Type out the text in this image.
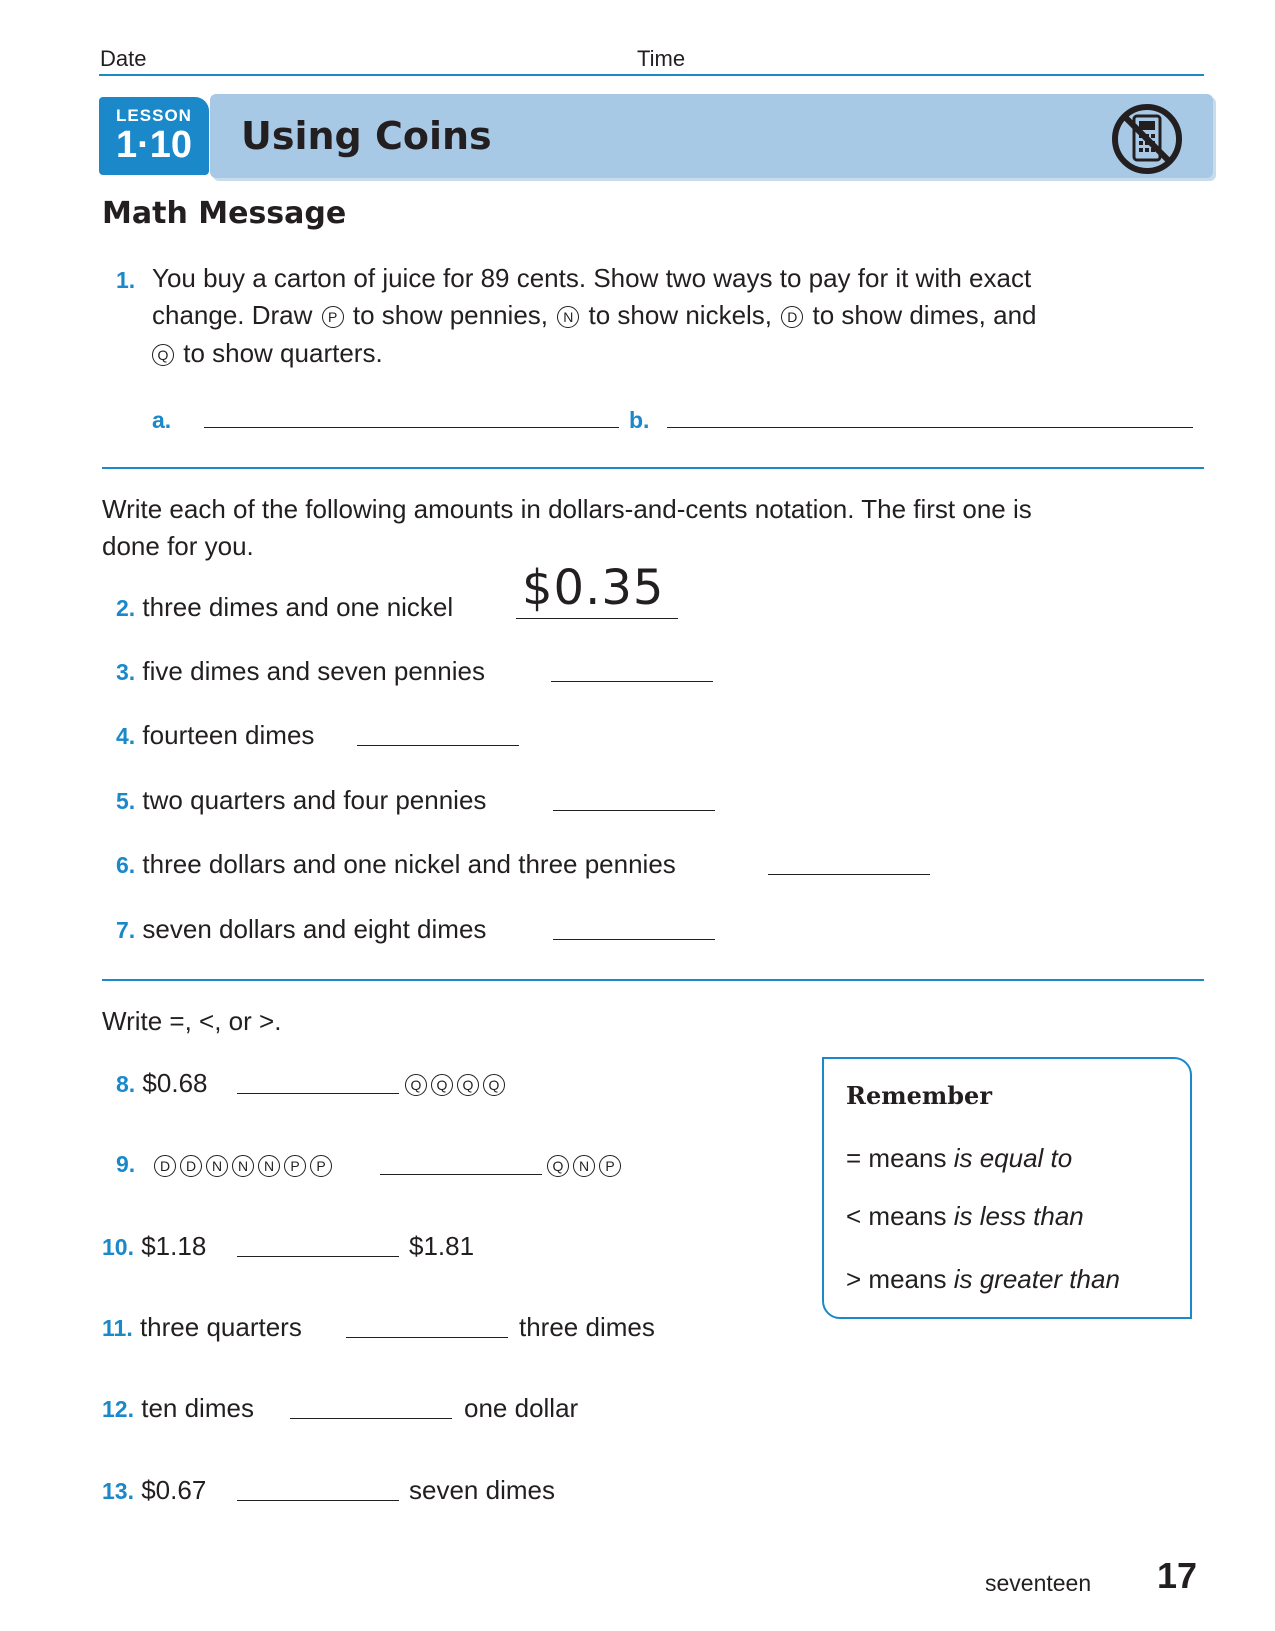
Date	Time
LESSON
1·10	Using Coins
Math Message
1. You buy a carton of juice for 89 cents. Show two ways to pay for it with exact
change. Draw P to show pennies, N to show nickels, D to show dimes, and
Q to show quarters.
a.	b.
Write each of the following amounts in dollars-and-cents notation. The first one is
done for you.
2. three dimes and one nickel $0.35
3. five dimes and seven pennies
4. fourteen dimes
5. two quarters and four pennies
6. three dollars and one nickel and three pennies
7. seven dollars and eight dimes
Write =, <, or >.
8. $0.68	Q Q Q Q
9.	D D N N N P P	Q N P
10. $1.18	$1.81
11. three quarters	three dimes
12. ten dimes	one dollar
13. $0.67	seven dimes
Remember
= means is equal to
< means is less than
> means is greater than
seventeen 17
